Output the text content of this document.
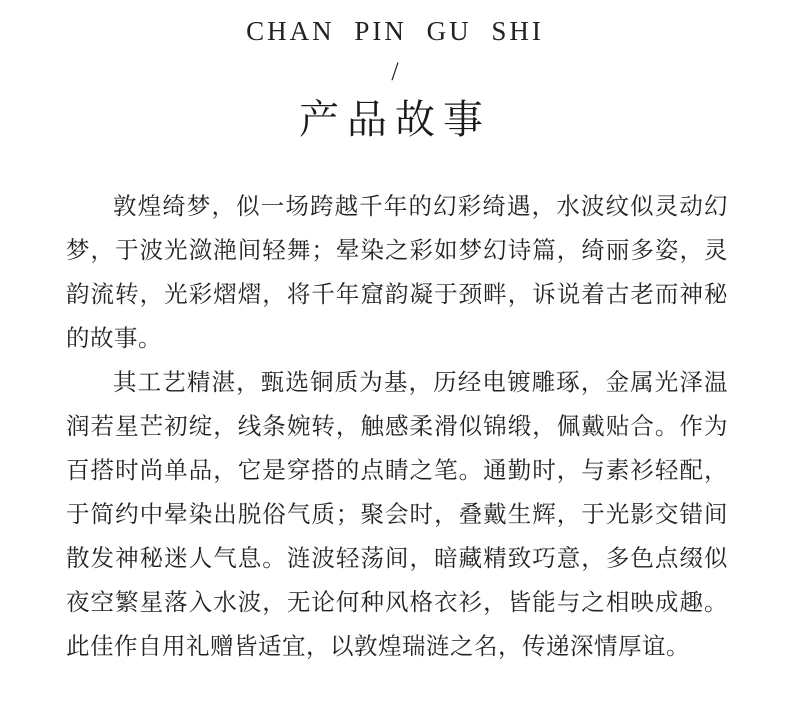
CHAN PIN GU SHI
/
产品故事

敦煌绮梦，似一场跨越千年的幻彩绮遇，水波纹似灵动幻梦，于波光潋滟间轻舞；晕染之彩如梦幻诗篇，绮丽多姿，灵韵流转，光彩熠熠，将千年窟韵凝于颈畔，诉说着古老而神秘的故事。

其工艺精湛，甄选铜质为基，历经电镀雕琢，金属光泽温润若星芒初绽，线条婉转，触感柔滑似锦缎，佩戴贴合。作为百搭时尚单品，它是穿搭的点睛之笔。通勤时，与素衫轻配，于简约中晕染出脱俗气质；聚会时，叠戴生辉，于光影交错间散发神秘迷人气息。涟波轻荡间，暗藏精致巧意，多色点缀似夜空繁星落入水波，无论何种风格衣衫，皆能与之相映成趣。此佳作自用礼赠皆适宜，以敦煌瑞涟之名，传递深情厚谊。
